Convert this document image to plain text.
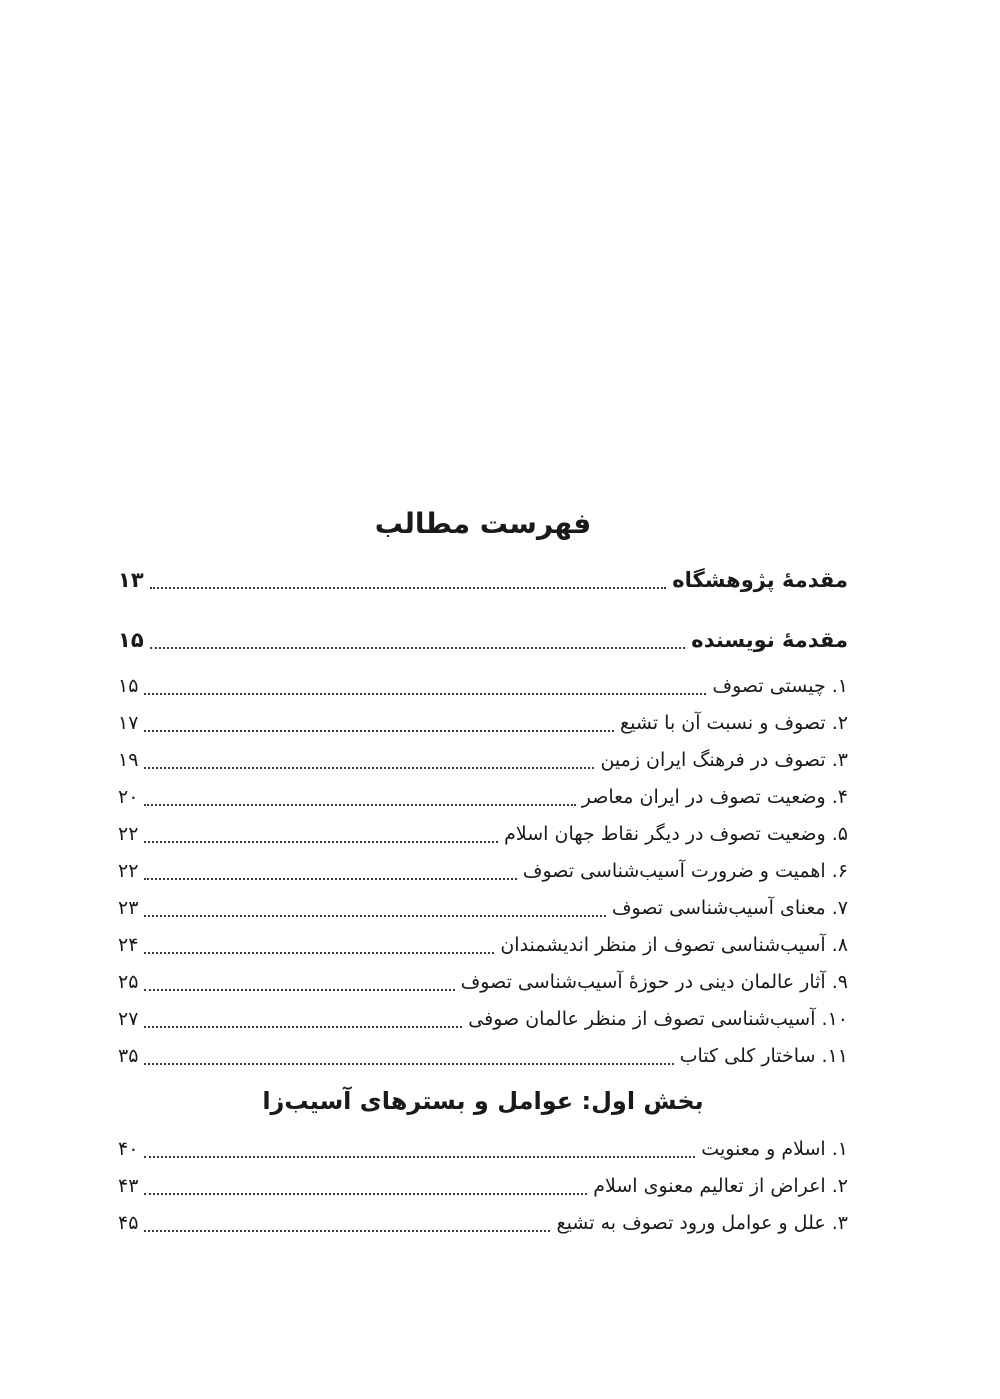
فهرست مطالب
مقدمۀ پژوهشگاه
۱۳
مقدمۀ نویسنده
۱۵
۱. چیستی تصوف
۱۵
۲. تصوف و نسبت آن با تشیع
۱۷
۳. تصوف در فرهنگ ایران زمین
۱۹
۴. وضعیت تصوف در ایران معاصر
۲۰
۵. وضعیت تصوف در دیگر نقاط جهان اسلام
۲۲
۶. اهمیت و ضرورت آسیب‌شناسی تصوف
۲۲
۷. معنای آسیب‌شناسی تصوف
۲۳
۸. آسیب‌شناسی تصوف از منظر اندیشمندان
۲۴
۹. آثار عالمان دینی در حوزۀ آسیب‌شناسی تصوف
۲۵
۱۰. آسیب‌شناسی تصوف از منظر عالمان صوفی
۲۷
۱۱. ساختار کلی کتاب
۳۵
بخش اول: عوامل و بسترهای آسیب‌زا
۱. اسلام و معنویت
۴۰
۲. اعراض از تعالیم معنوی اسلام
۴۳
۳. علل و عوامل ورود تصوف به تشیع
۴۵
